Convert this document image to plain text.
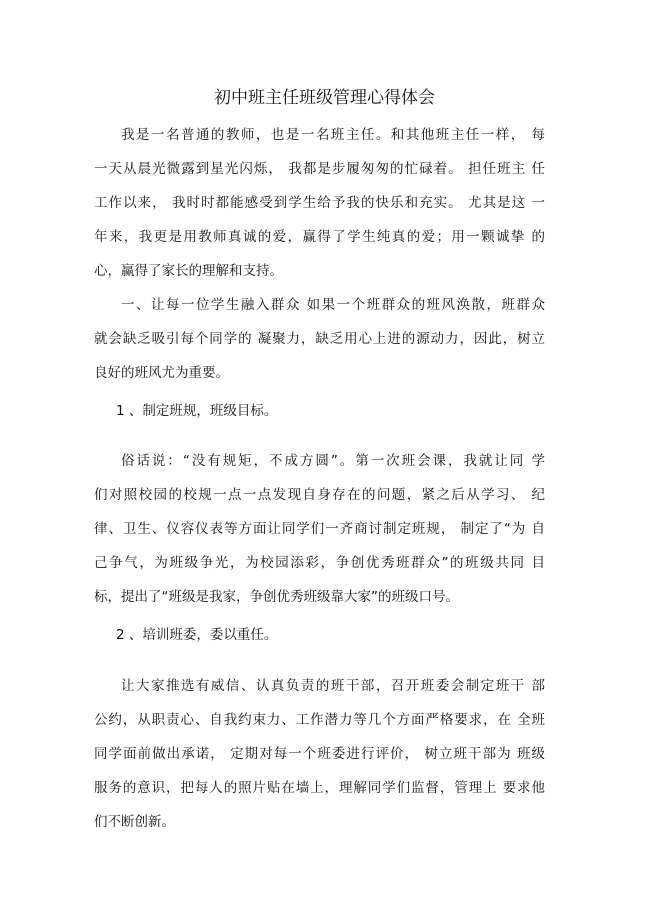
初中班主任班级管理心得体会
我是一名普通的教师，也是一名班主任。和其他班主任一样， 每
一天从晨光微露到星光闪烁， 我都是步履匆匆的忙碌着。 担任班主 任
工作以来， 我时时都能感受到学生给予我的快乐和充实。 尤其是这 一
年来，我更是用教师真诚的爱，赢得了学生纯真的爱；用一颗诚挚 的
心，赢得了家长的理解和支持。
一、让每一位学生融入群众 如果一个班群众的班风涣散，班群众
就会缺乏吸引每个同学的 凝聚力，缺乏用心上进的源动力，因此，树立
良好的班风尤为重要。
1 、制定班规，班级目标。
俗话说：“没有规矩，不成方圆”。第一次班会课，我就让同 学
们对照校园的校规一点一点发现自身存在的问题，紧之后从学习、 纪
律、卫生、仪容仪表等方面让同学们一齐商讨制定班规， 制定了“为 自
己争气，为班级争光，为校园添彩，争创优秀班群众”的班级共同 目
标，提出了“班级是我家，争创优秀班级靠大家”的班级口号。
2 、培训班委，委以重任。
让大家推选有威信、认真负责的班干部，召开班委会制定班干 部
公约，从职责心、自我约束力、工作潜力等几个方面严格要求，在 全班
同学面前做出承诺， 定期对每一个班委进行评价， 树立班干部为 班级
服务的意识，把每人的照片贴在墙上，理解同学们监督，管理上 要求他
们不断创新。
